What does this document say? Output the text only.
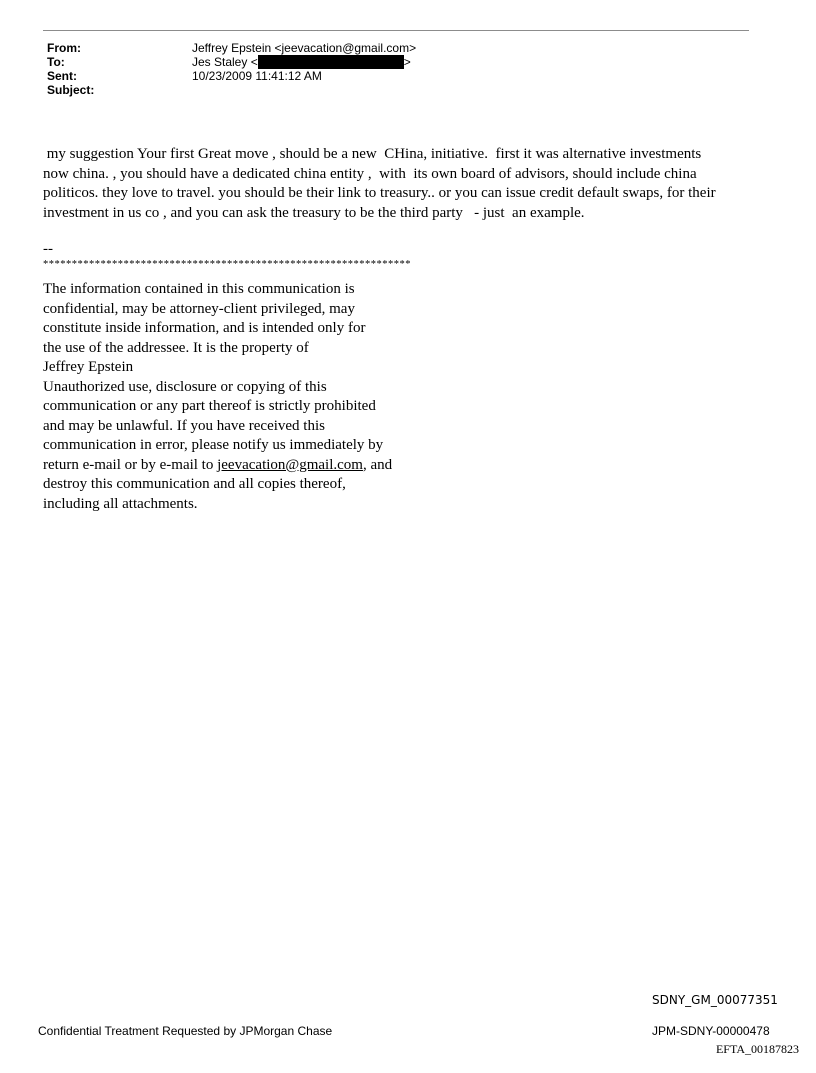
From:	Jeffrey Epstein <jeevacation@gmail.com>
To:	Jes Staley <	>
Sent:	10/23/2009 11:41:12 AM
Subject:
my suggestion Your first Great move , should be a new  CHina, initiative.  first it was alternative investments
now china. , you should have a dedicated china entity ,  with  its own board of advisors, should include china
politicos. they love to travel. you should be their link to treasury.. or you can issue credit default swaps, for their
investment in us co , and you can ask the treasury to be the third party   - just  an example.
--
****************************************************************
The information contained in this communication is
confidential, may be attorney-client privileged, may
constitute inside information, and is intended only for
the use of the addressee. It is the property of
Jeffrey Epstein
Unauthorized use, disclosure or copying of this
communication or any part thereof is strictly prohibited
and may be unlawful. If you have received this
communication in error, please notify us immediately by
return e-mail or by e-mail to jeevacation@gmail.com, and
destroy this communication and all copies thereof,
including all attachments.
SDNY_GM_00077351
Confidential Treatment Requested by JPMorgan Chase	JPM-SDNY-00000478
EFTA_00187823
